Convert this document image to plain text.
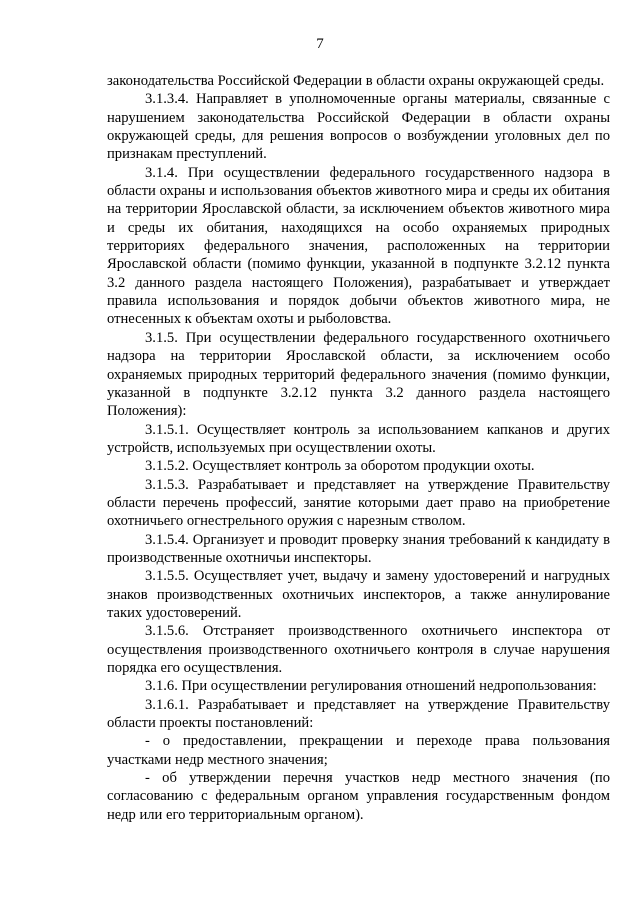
7

законодательства Российской Федерации в области охраны окружающей среды.

3.1.3.4. Направляет в уполномоченные органы материалы, связанные с нарушением законодательства Российской Федерации в области охраны окружающей среды, для решения вопросов о возбуждении уголовных дел по признакам преступлений.

3.1.4. При осуществлении федерального государственного надзора в области охраны и использования объектов животного мира и среды их обитания на территории Ярославской области, за исключением объектов животного мира и среды их обитания, находящихся на особо охраняемых природных территориях федерального значения, расположенных на территории Ярославской области (помимо функции, указанной в подпункте 3.2.12 пункта 3.2 данного раздела настоящего Положения), разрабатывает и утверждает правила использования и порядок добычи объектов животного мира, не отнесенных к объектам охоты и рыболовства.

3.1.5. При осуществлении федерального государственного охотничьего надзора на территории Ярославской области, за исключением особо охраняемых природных территорий федерального значения (помимо функции, указанной в подпункте 3.2.12 пункта 3.2 данного раздела настоящего Положения):

3.1.5.1. Осуществляет контроль за использованием капканов и других устройств, используемых при осуществлении охоты.

3.1.5.2. Осуществляет контроль за оборотом продукции охоты.

3.1.5.3. Разрабатывает и представляет на утверждение Правительству области перечень профессий, занятие которыми дает право на приобретение охотничьего огнестрельного оружия с нарезным стволом.

3.1.5.4. Организует и проводит проверку знания требований к кандидату в производственные охотничьи инспекторы.

3.1.5.5. Осуществляет учет, выдачу и замену удостоверений и нагрудных знаков производственных охотничьих инспекторов, а также аннулирование таких удостоверений.

3.1.5.6. Отстраняет производственного охотничьего инспектора от осуществления производственного охотничьего контроля в случае нарушения порядка его осуществления.

3.1.6. При осуществлении регулирования отношений недропользования:

3.1.6.1. Разрабатывает и представляет на утверждение Правительству области проекты постановлений:

- о предоставлении, прекращении и переходе права пользования участками недр местного значения;

- об утверждении перечня участков недр местного значения (по согласованию с федеральным органом управления государственным фондом недр или его территориальным органом).
